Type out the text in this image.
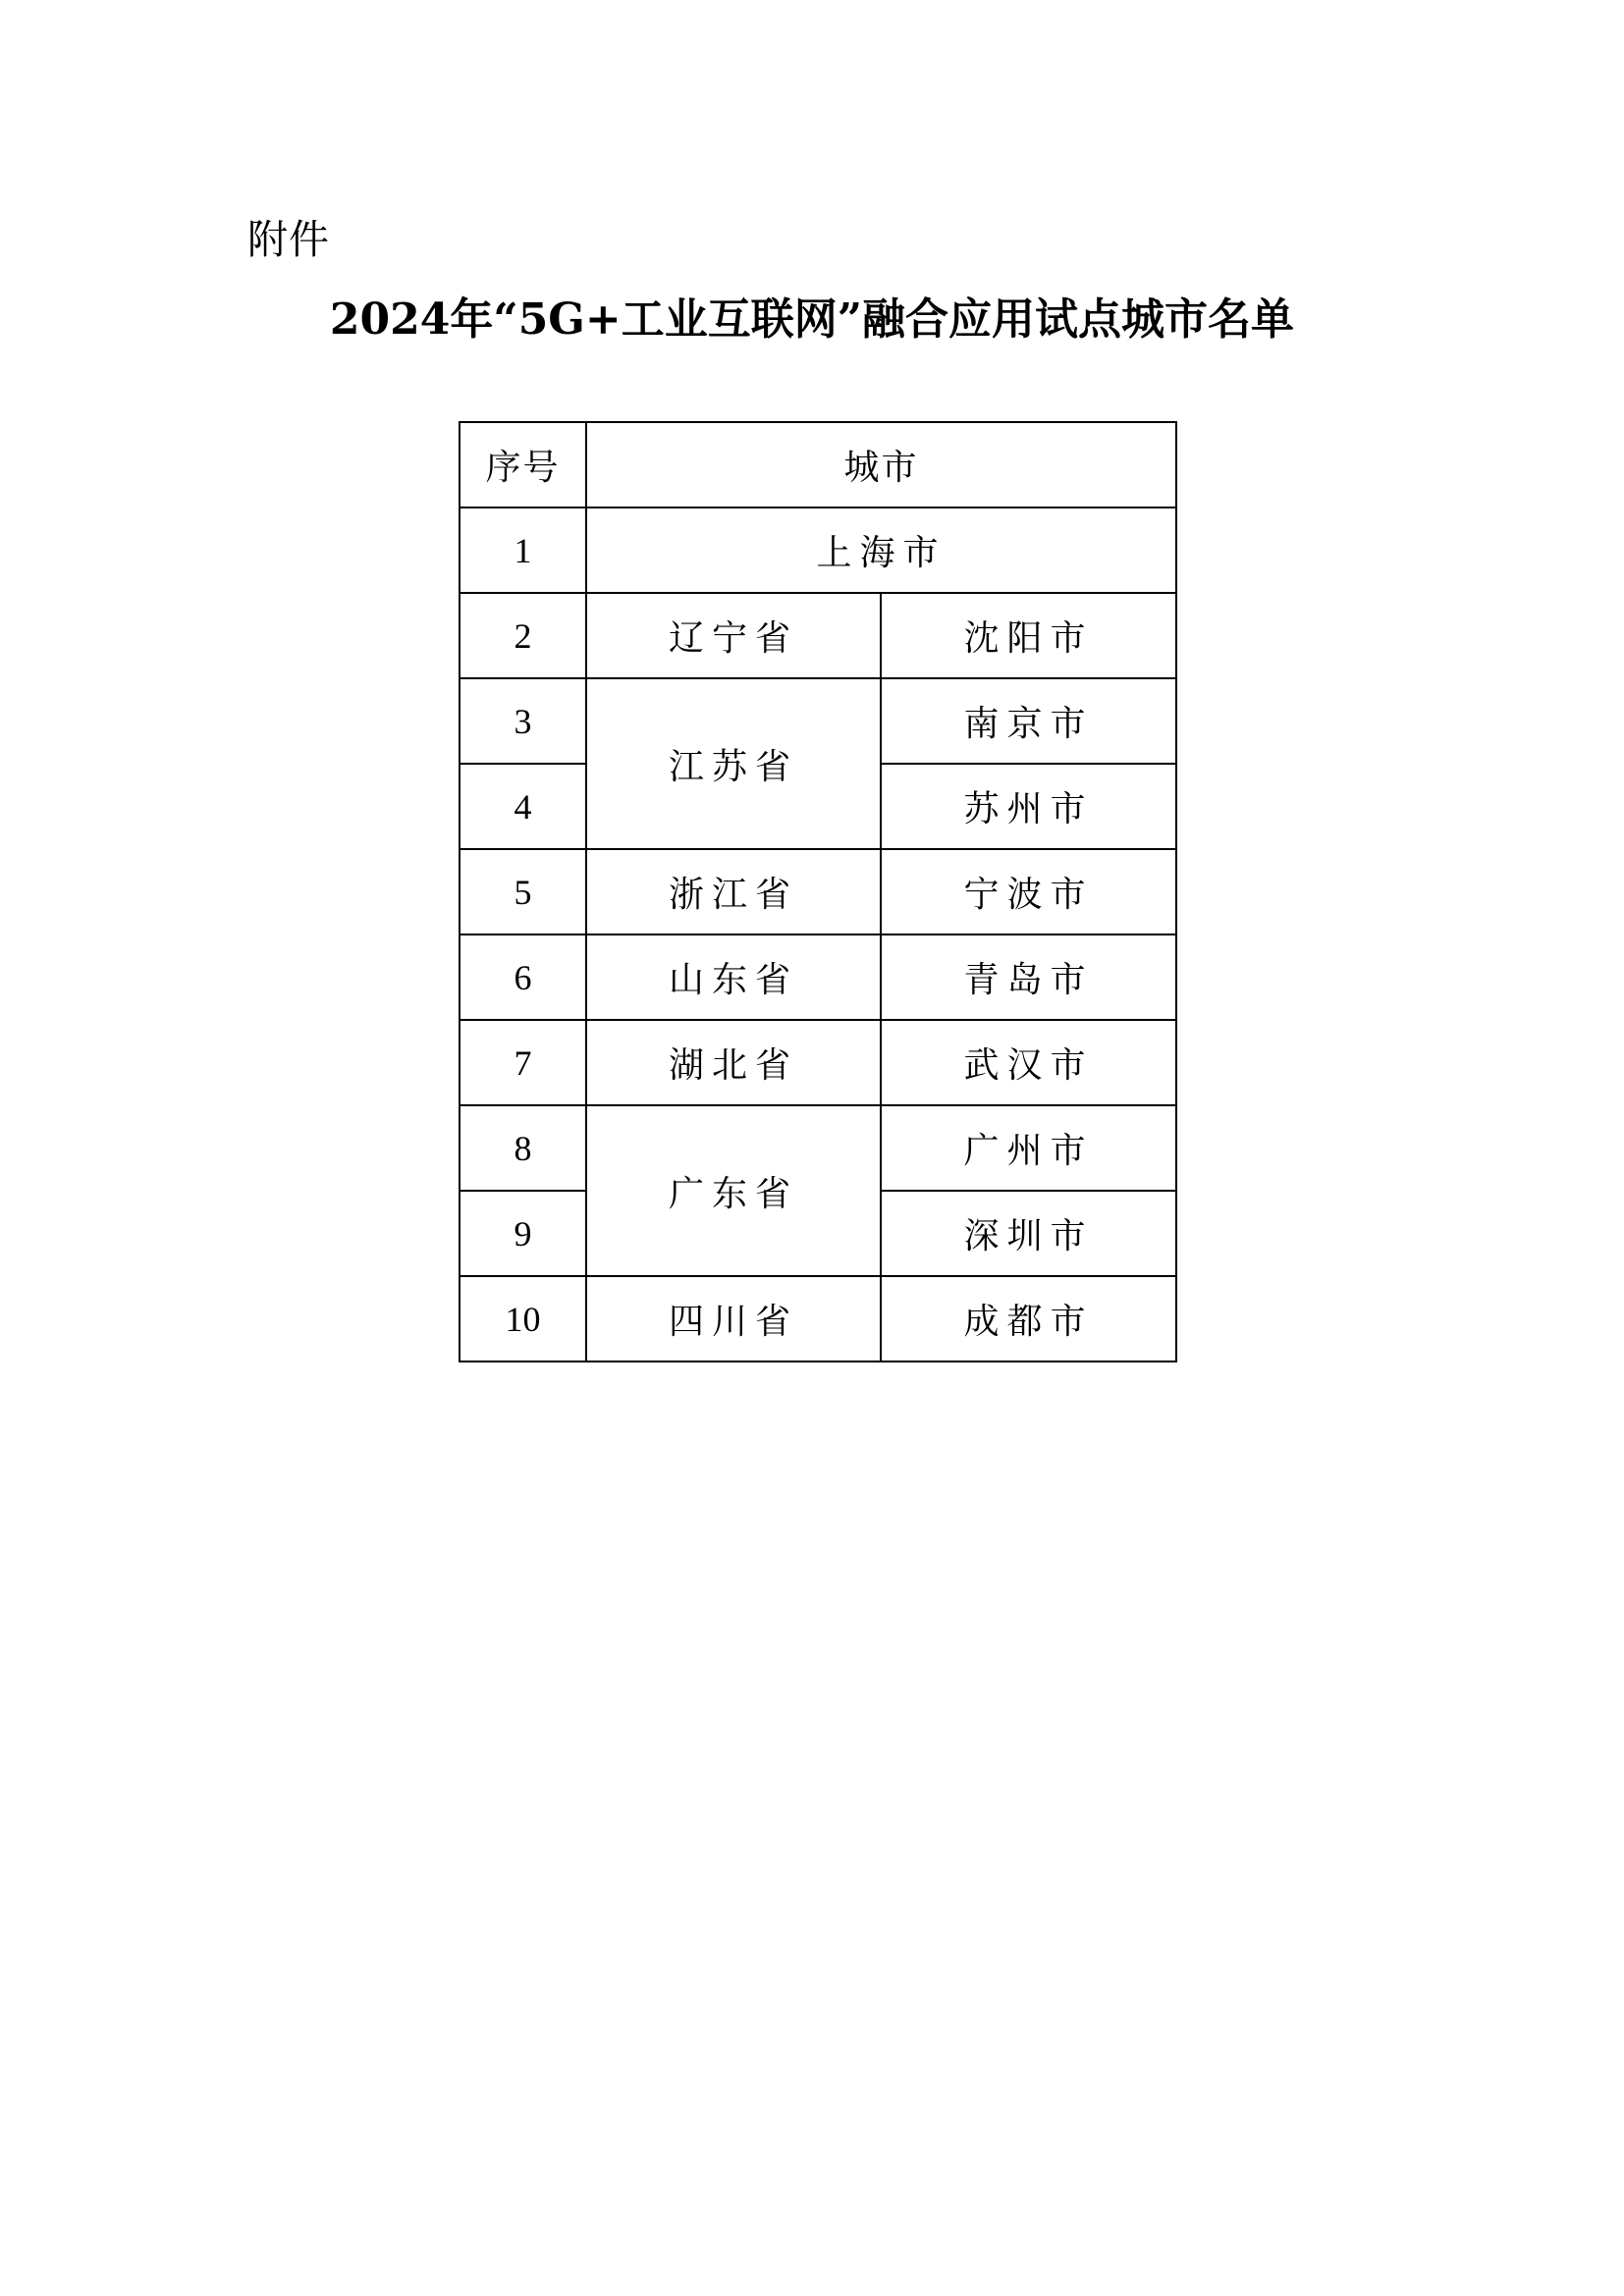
附件
2024年“5G+工业互联网”融合应用试点城市名单
序号	城市	
1	上海市	
2	辽宁省	沈阳市
3	江苏省	南京市
4		苏州市
5	浙江省	宁波市
6	山东省	青岛市
7	湖北省	武汉市
8	广东省	广州市
9		深圳市
10	四川省	成都市
